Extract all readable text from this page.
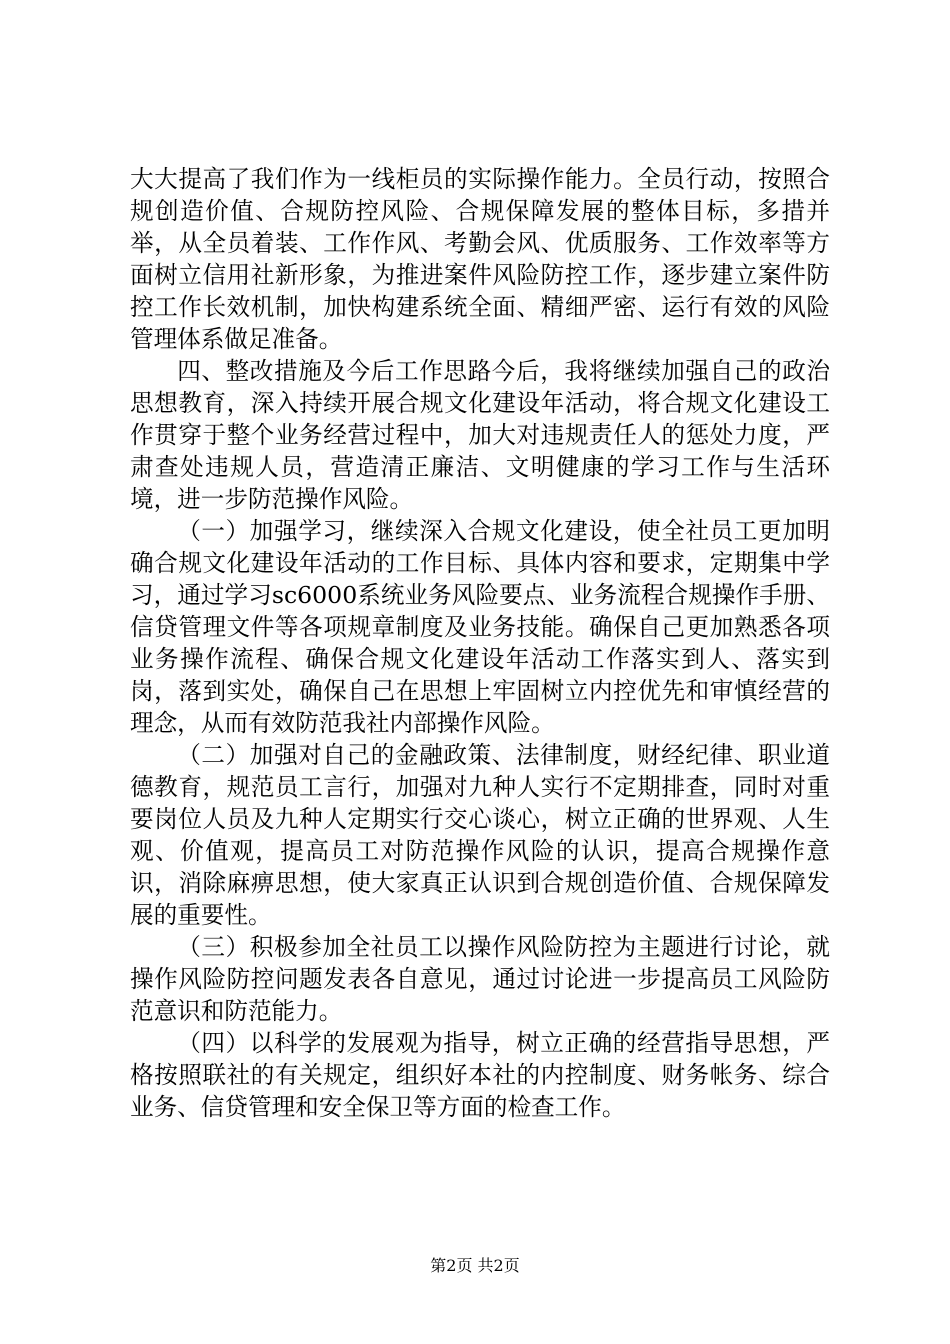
大大提高了我们作为一线柜员的实际操作能力。全员行动，按照合规创造价值、合规防控风险、合规保障发展的整体目标，多措并举，从全员着装、工作作风、考勤会风、优质服务、工作效率等方面树立信用社新形象，为推进案件风险防控工作，逐步建立案件防控工作长效机制，加快构建系统全面、精细严密、运行有效的风险管理体系做足准备。

四、整改措施及今后工作思路今后，我将继续加强自己的政治思想教育，深入持续开展合规文化建设年活动，将合规文化建设工作贯穿于整个业务经营过程中，加大对违规责任人的惩处力度，严肃查处违规人员，营造清正廉洁、文明健康的学习工作与生活环境，进一步防范操作风险。

（一）加强学习，继续深入合规文化建设，使全社员工更加明确合规文化建设年活动的工作目标、具体内容和要求，定期集中学习，通过学习sc6000系统业务风险要点、业务流程合规操作手册、信贷管理文件等各项规章制度及业务技能。确保自己更加熟悉各项业务操作流程、确保合规文化建设年活动工作落实到人、落实到岗，落到实处，确保自己在思想上牢固树立内控优先和审慎经营的理念，从而有效防范我社内部操作风险。

（二）加强对自己的金融政策、法律制度，财经纪律、职业道德教育，规范员工言行，加强对九种人实行不定期排查，同时对重要岗位人员及九种人定期实行交心谈心，树立正确的世界观、人生观、价值观，提高员工对防范操作风险的认识，提高合规操作意识，消除麻痹思想，使大家真正认识到合规创造价值、合规保障发展的重要性。

（三）积极参加全社员工以操作风险防控为主题进行讨论，就操作风险防控问题发表各自意见，通过讨论进一步提高员工风险防范意识和防范能力。

（四）以科学的发展观为指导，树立正确的经营指导思想，严格按照联社的有关规定，组织好本社的内控制度、财务帐务、综合业务、信贷管理和安全保卫等方面的检查工作。

第2页 共2页
